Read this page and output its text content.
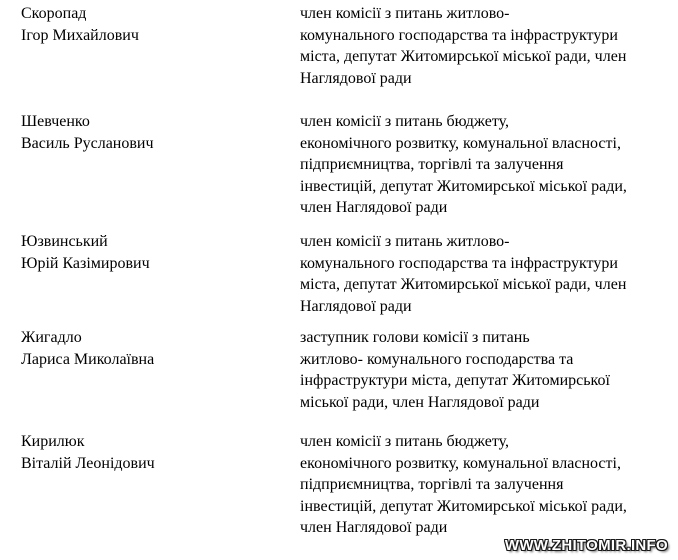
Скоропад
Ігор Михайлович
член комісії з питань житлово-
комунального господарства та інфраструктури
міста, депутат Житомирської міської ради, член
Наглядової ради
Шевченко
Василь Русланович
член комісії з питань бюджету,
економічного розвитку, комунальної власності,
підприємництва, торгівлі та залучення
інвестицій, депутат Житомирської міської ради,
член Наглядової ради
Юзвинський
Юрій Казімирович
член комісії з питань житлово-
комунального господарства та інфраструктури
міста, депутат Житомирської міської ради, член
Наглядової ради
Жигадло
Лариса Миколаївна
заступник голови комісії з питань
житлово- комунального господарства та
інфраструктури міста, депутат Житомирської
міської ради, член Наглядової ради
Кирилюк
Віталій Леонідович
член комісії з питань бюджету,
економічного розвитку, комунальної власності,
підприємництва, торгівлі та залучення
інвестицій, депутат Житомирської міської ради,
член Наглядової ради
WWW.ZHITOMIR.INFO
